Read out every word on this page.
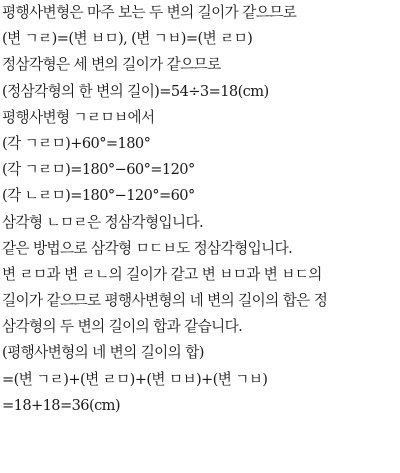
평행사변형은 마주 보는 두 변의 길이가 같으므로
(변 ㄱㄹ)=(변 ㅂㅁ), (변 ㄱㅂ)=(변 ㄹㅁ)
정삼각형은 세 변의 길이가 같으므로
(정삼각형의 한 변의 길이)=54÷3=18(cm)
평행사변형 ㄱㄹㅁㅂ에서
(각 ㄱㄹㅁ)+60°=180°
(각 ㄱㄹㅁ)=180°−60°=120°
(각 ㄴㄹㅁ)=180°−120°=60°
삼각형 ㄴㅁㄹ은 정삼각형입니다.
같은 방법으로 삼각형 ㅁㄷㅂ도 정삼각형입니다.
변 ㄹㅁ과 변 ㄹㄴ의 길이가 같고 변 ㅂㅁ과 변 ㅂㄷ의
길이가 같으므로 평행사변형의 네 변의 길이의 합은 정
삼각형의 두 변의 길이의 합과 같습니다.
(평행사변형의 네 변의 길이의 합)
=(변 ㄱㄹ)+(변 ㄹㅁ)+(변 ㅁㅂ)+(변 ㄱㅂ)
=18+18=36(cm)
